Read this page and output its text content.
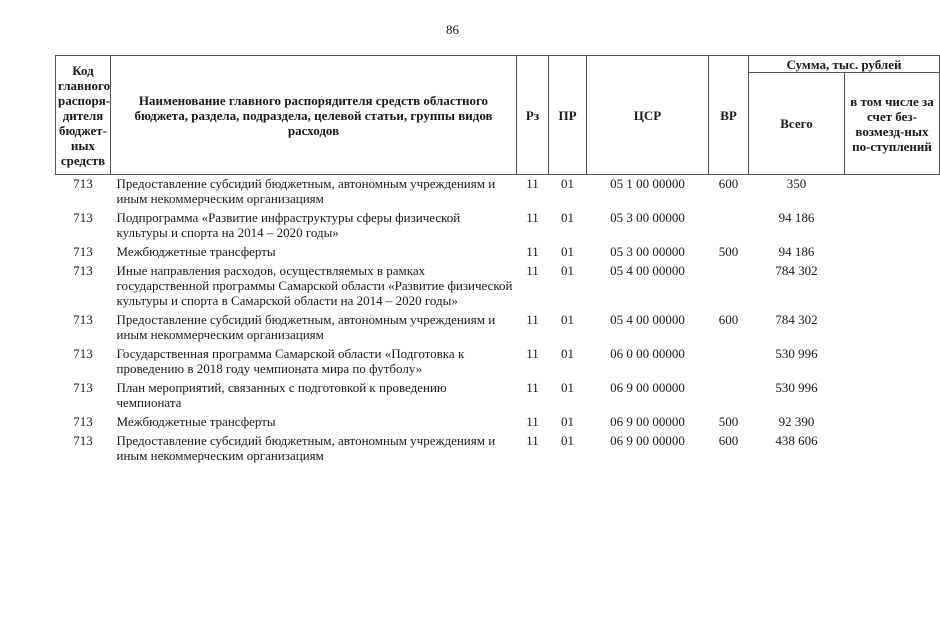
86
Код главного распоря-дителя бюджет-ных средств	Наименование главного распорядителя средств областного бюджета, раздела, подраздела, целевой статьи, группы видов расходов	Рз	ПР	ЦСР	ВР	Сумма, тыс. рублей	
						Всего	в том числе за счет без-возмезд-ных по-ступлений
713	Предоставление субсидий бюджетным, автономным учреждениям и иным некоммерческим организациям	11	01	05 1 00 00000	600	350	
713	Подпрограмма «Развитие инфраструктуры сферы физической культуры и спорта на 2014 – 2020 годы»	11	01	05 3 00 00000		94 186	
713	Межбюджетные трансферты	11	01	05 3 00 00000	500	94 186	
713	Иные направления расходов, осуществляемых в рамках государственной программы Самарской области «Развитие физической культуры и спорта в Самарской области на 2014 – 2020 годы»	11	01	05 4 00 00000		784 302	
713	Предоставление субсидий бюджетным, автономным учреждениям и иным некоммерческим организациям	11	01	05 4 00 00000	600	784 302	
713	Государственная программа Самарской области «Подготовка к проведению в 2018 году чемпионата мира по футболу»	11	01	06 0 00 00000		530 996	
713	План мероприятий, связанных с подготовкой к проведению чемпионата	11	01	06 9 00 00000		530 996	
713	Межбюджетные трансферты	11	01	06 9 00 00000	500	92 390	
713	Предоставление субсидий бюджетным, автономным учреждениям и иным некоммерческим организациям	11	01	06 9 00 00000	600	438 606	
